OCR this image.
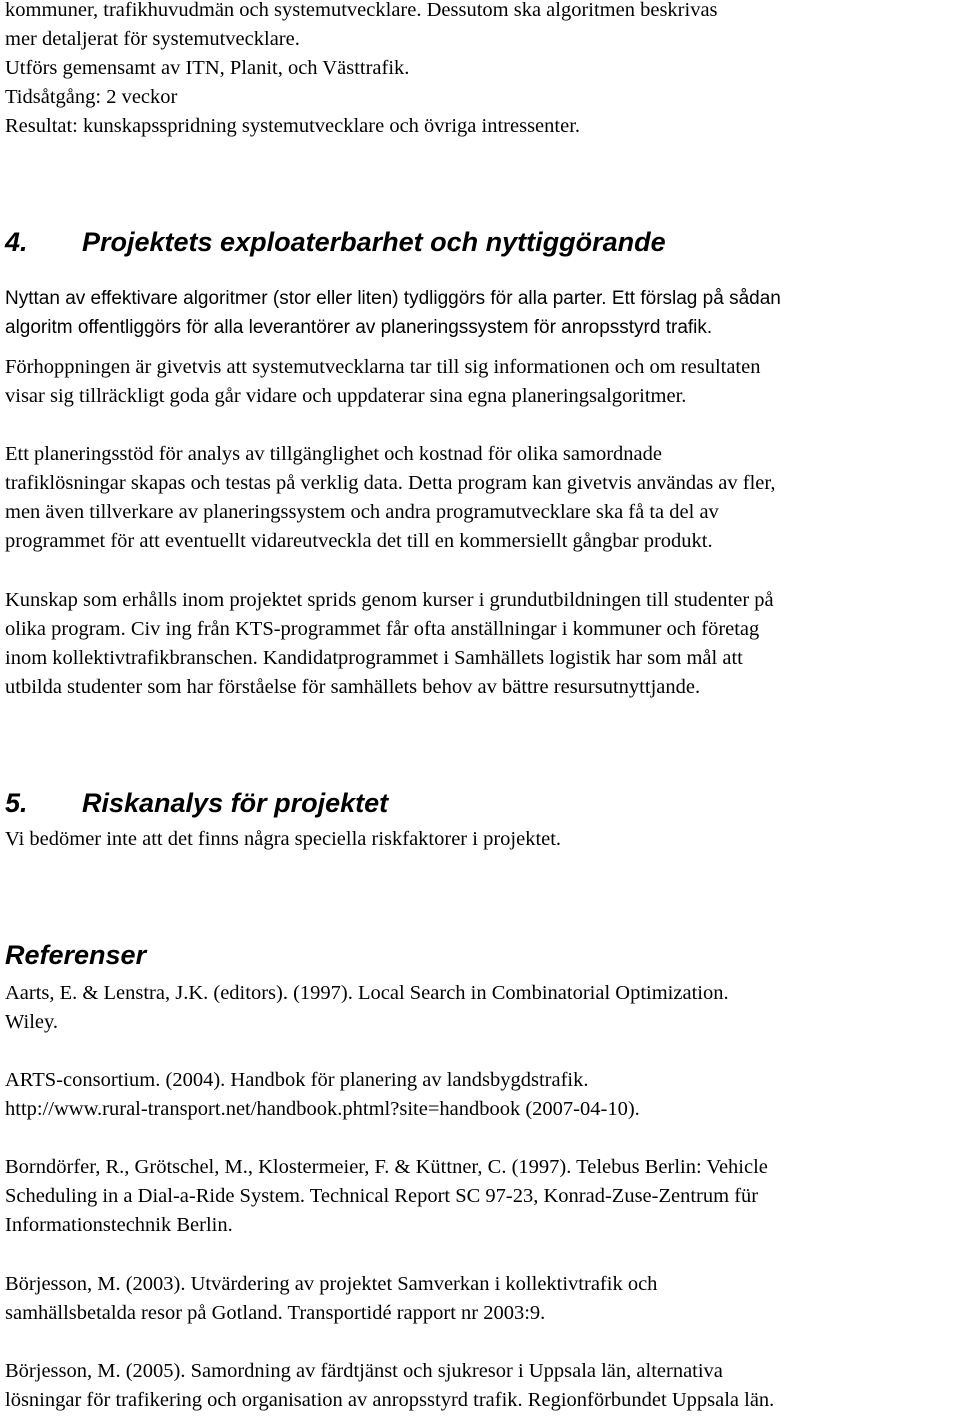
kommuner, trafikhuvudmän och systemutvecklare. Dessutom ska algoritmen beskrivas
mer detaljerat för systemutvecklare.
Utförs gemensamt av ITN, Planit, och Västtrafik.
Tidsåtgång: 2 veckor
Resultat: kunskapsspridning systemutvecklare och övriga intressenter.
4. Projektets exploaterbarhet och nyttiggörande
Nyttan av effektivare algoritmer (stor eller liten) tydliggörs för alla parter. Ett förslag på sådan
algoritm offentliggörs för alla leverantörer av planeringssystem för anropsstyrd trafik.
Förhoppningen är givetvis att systemutvecklarna tar till sig informationen och om resultaten
visar sig tillräckligt goda går vidare och uppdaterar sina egna planeringsalgoritmer.
Ett planeringsstöd för analys av tillgänglighet och kostnad för olika samordnade
trafiklösningar skapas och testas på verklig data. Detta program kan givetvis användas av fler,
men även tillverkare av planeringssystem och andra programutvecklare ska få ta del av
programmet för att eventuellt vidareutveckla det till en kommersiellt gångbar produkt.
Kunskap som erhålls inom projektet sprids genom kurser i grundutbildningen till studenter på
olika program. Civ ing från KTS-programmet får ofta anställningar i kommuner och företag
inom kollektivtrafikbranschen. Kandidatprogrammet i Samhällets logistik har som mål att
utbilda studenter som har förståelse för samhällets behov av bättre resursutnyttjande.
5. Riskanalys för projektet
Vi bedömer inte att det finns några speciella riskfaktorer i projektet.
Referenser
Aarts, E. & Lenstra, J.K. (editors). (1997). Local Search in Combinatorial Optimization.
Wiley.
ARTS-consortium. (2004). Handbok för planering av landsbygdstrafik.
http://www.rural-transport.net/handbook.phtml?site=handbook (2007-04-10).
Borndörfer, R., Grötschel, M., Klostermeier, F. & Küttner, C. (1997). Telebus Berlin: Vehicle
Scheduling in a Dial-a-Ride System. Technical Report SC 97-23, Konrad-Zuse-Zentrum für
Informationstechnik Berlin.
Börjesson, M. (2003). Utvärdering av projektet Samverkan i kollektivtrafik och
samhällsbetalda resor på Gotland. Transportidé rapport nr 2003:9.
Börjesson, M. (2005). Samordning av färdtjänst och sjukresor i Uppsala län, alternativa
lösningar för trafikering och organisation av anropsstyrd trafik. Regionförbundet Uppsala län.
